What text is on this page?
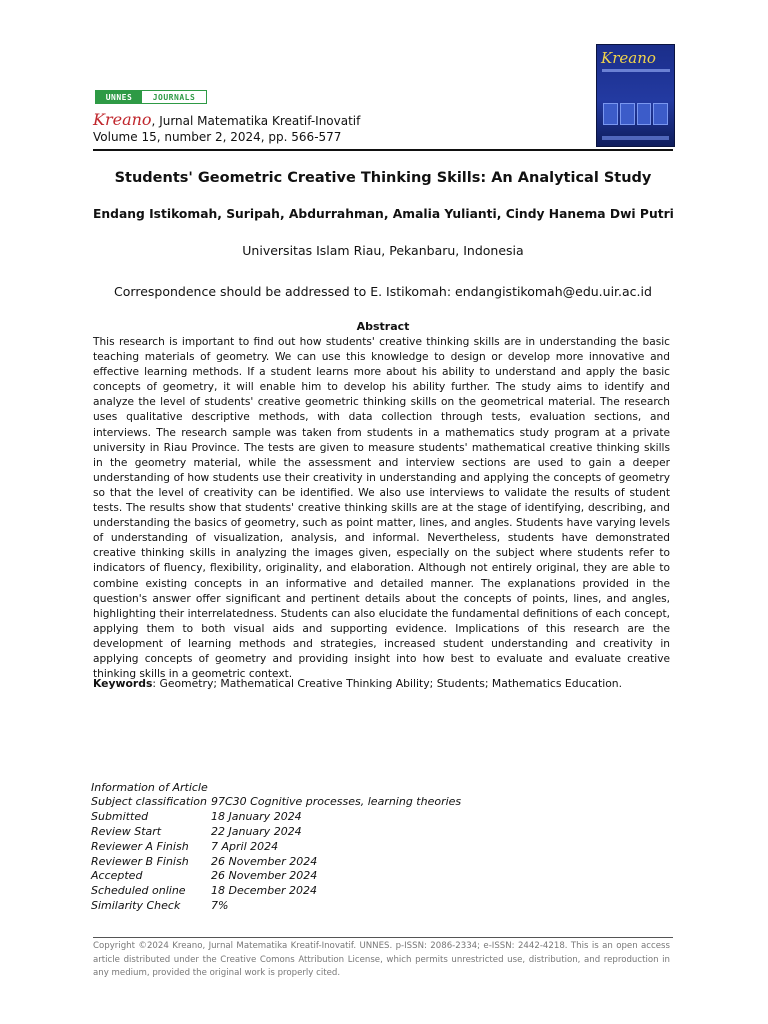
UNNES	JOURNALS
Kreano, Jurnal Matematika Kreatif-Inovatif
Volume 15, number 2, 2024, pp. 566-577
Kreano
Students' Geometric Creative Thinking Skills: An Analytical Study
Endang Istikomah, Suripah, Abdurrahman, Amalia Yulianti, Cindy Hanema Dwi Putri
Universitas Islam Riau, Pekanbaru, Indonesia
Correspondence should be addressed to E. Istikomah: endangistikomah@edu.uir.ac.id
Abstract
This research is important to find out how students' creative thinking skills are in understanding the basic teaching materials of geometry. We can use this knowledge to design or develop more innovative and effective learning methods. If a student learns more about his ability to understand and apply the basic concepts of geometry, it will enable him to develop his ability further. The study aims to identify and analyze the level of students' creative geometric thinking skills on the geometrical material. The research uses qualitative descriptive methods, with data collection through tests, evaluation sections, and interviews. The research sample was taken from students in a mathematics study program at a private university in Riau Province. The tests are given to measure students' mathematical creative thinking skills in the geometry material, while the assessment and interview sections are used to gain a deeper understanding of how students use their creativity in understanding and applying the concepts of geometry so that the level of creativity can be identified. We also use interviews to validate the results of student tests. The results show that students' creative thinking skills are at the stage of identifying, describing, and understanding the basics of geometry, such as point matter, lines, and angles. Students have varying levels of understanding of visualization, analysis, and informal. Nevertheless, students have demonstrated creative thinking skills in analyzing the images given, especially on the subject where students refer to indicators of fluency, flexibility, originality, and elaboration. Although not entirely original, they are able to combine existing concepts in an informative and detailed manner. The explanations provided in the question's answer offer significant and pertinent details about the concepts of points, lines, and angles, highlighting their interrelatedness. Students can also elucidate the fundamental definitions of each concept, applying them to both visual aids and supporting evidence. Implications of this research are the development of learning methods and strategies, increased student understanding and creativity in applying concepts of geometry and providing insight into how best to evaluate and evaluate creative thinking skills in a geometric context.
Keywords: Geometry; Mathematical Creative Thinking Ability; Students; Mathematics Education.
Information of Article
Subject classification 97C30 Cognitive processes, learning theories
Submitted	18 January 2024
Review Start	22 January 2024
Reviewer A Finish	7 April 2024
Reviewer B Finish	26 November 2024
Accepted	26 November 2024
Scheduled online	18 December 2024
Similarity Check	7%
Copyright ©2024 Kreano, Jurnal Matematika Kreatif-Inovatif. UNNES. p-ISSN: 2086-2334; e-ISSN: 2442-4218. This is an open access article distributed under the Creative Comons Attribution License, which permits unrestricted use, distribution, and reproduction in any medium, provided the original work is properly cited.
